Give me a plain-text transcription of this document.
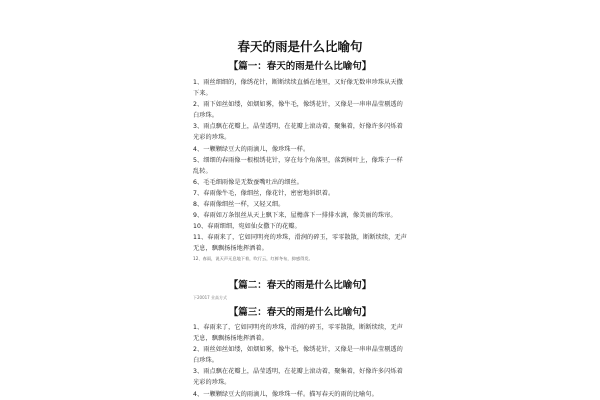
春天的雨是什么比喻句
【篇一：春天的雨是什么比喻句】

1、雨丝细细的，像绣花针，断断续续直插在地里，又好像无数串珍珠从天撒下来。

2、雨下如丝如缕，如烟如雾，像牛毛，像绣花针，又像是一串串晶莹剔透的白珍珠。

3、雨点飘在花瓣上，晶莹透明，在花瓣上滚动着，聚集着，好像许多闪烁着光彩的珍珠。

4、一颗颗绿豆大的雨滴儿，像珍珠一样。

5、细细的春雨像一根根绣花针，穿在每个角落里，落到树叶上，像珠子一样乱转。

6、毛毛细雨像是无数蚕嘴吐出的细丝。

7、春雨像牛毛，像细丝，像花针，密密地斜织着。

8、春雨像细丝一样，又轻又细。

9、春雨如万条银丝从天上飘下来，屋檐落下一排排水滴，像美丽的珠帘。

10、春雨细细，宛如仙女撒下的花瓣。

11、春雨来了，它如同明亮的珍珠，滑润的碎玉，零零散散，断断续续，无声无息，飘飘扬扬地挥洒着。

12、春雨，说天声无息地下着，吹行云，红鲜冬布，抑感得发。

【篇二：春天的雨是什么比喻句】
下20017 业高方式
【篇三：春天的雨是什么比喻句】

1、春雨来了，它如同明亮的珍珠，滑润的碎玉，零零散散，断断续续，无声无息，飘飘扬扬地挥洒着。

2、雨丝如丝如缕，如烟如雾，像牛毛，像绣花针，又像是一串串晶莹剔透的白珍珠。

3、雨点飘在花瓣上，晶莹透明，在花瓣上滚动着，聚集着，好像许多闪烁着光彩的珍珠。

4、一颗颗绿豆大的雨滴儿，像珍珠一样。描写春天的雨的比喻句。
